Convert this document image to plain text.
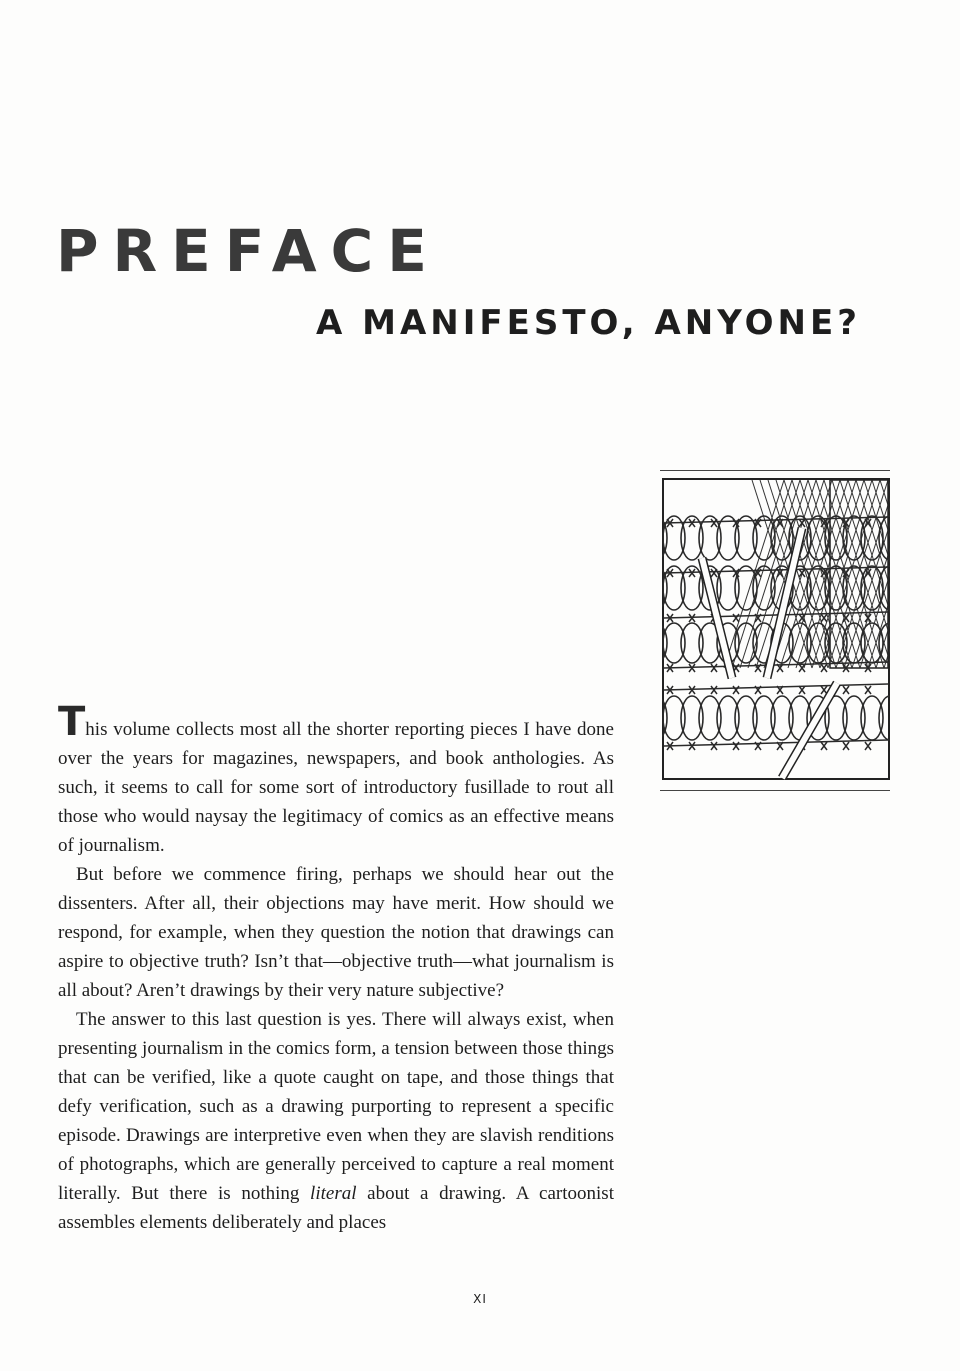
PREFACE
A MANIFESTO, ANYONE?

This volume collects most all the shorter reporting pieces I have done over the years for magazines, newspapers, and book anthologies. As such, it seems to call for some sort of introductory fusillade to rout all those who would naysay the legitimacy of comics as an effective means of journalism.

But before we commence firing, perhaps we should hear out the dissenters. After all, their objections may have merit. How should we respond, for example, when they question the notion that drawings can aspire to objective truth? Isn’t that—objective truth—what journalism is all about? Aren’t drawings by their very nature subjective?

The answer to this last question is yes. There will always exist, when presenting journalism in the comics form, a tension between those things that can be verified, like a quote caught on tape, and those things that defy verification, such as a drawing purporting to represent a specific episode. Drawings are interpretive even when they are slavish renditions of photographs, which are generally perceived to capture a real moment literally. But there is nothing literal about a drawing. A cartoonist assembles elements deliberately and places

XI
